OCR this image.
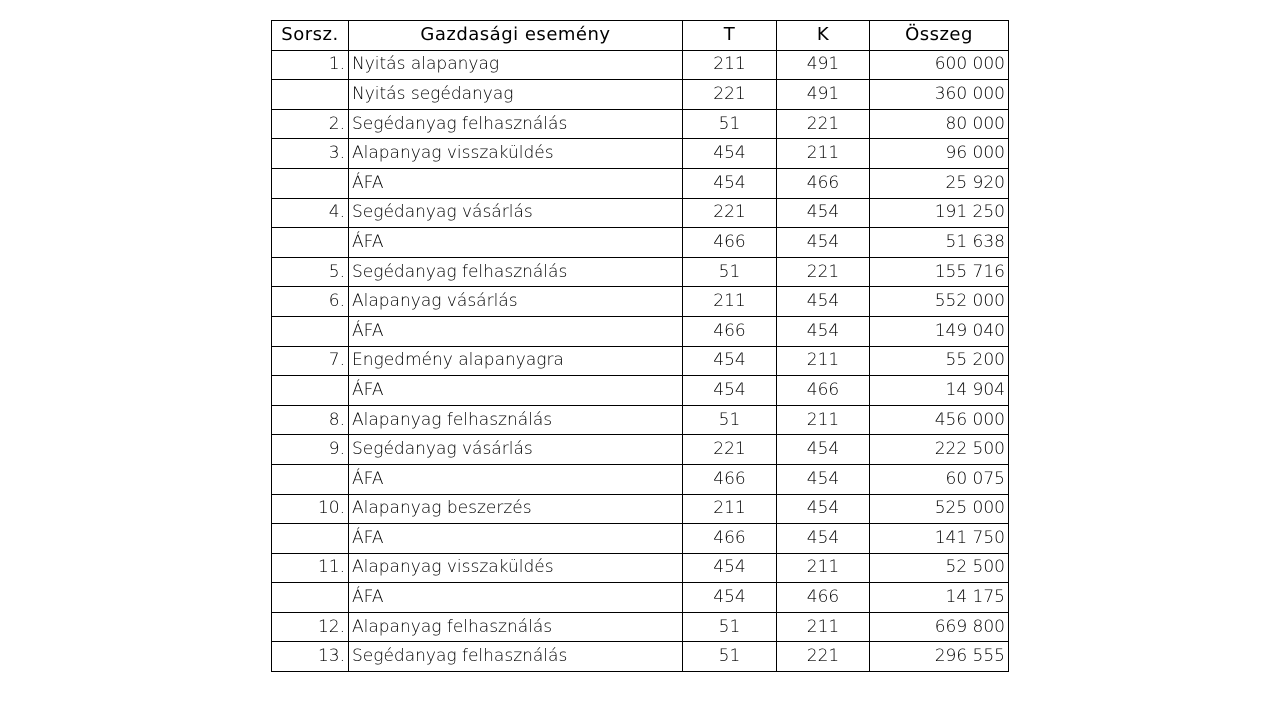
Sorsz.	Gazdasági esemény	T	K	Összeg
1.	Nyitás alapanyag	211	491	600 000
	Nyitás segédanyag	221	491	360 000
2.	Segédanyag felhasználás	51	221	80 000
3.	Alapanyag visszaküldés	454	211	96 000
	ÁFA	454	466	25 920
4.	Segédanyag vásárlás	221	454	191 250
	ÁFA	466	454	51 638
5.	Segédanyag felhasználás	51	221	155 716
6.	Alapanyag vásárlás	211	454	552 000
	ÁFA	466	454	149 040
7.	Engedmény alapanyagra	454	211	55 200
	ÁFA	454	466	14 904
8.	Alapanyag felhasználás	51	211	456 000
9.	Segédanyag vásárlás	221	454	222 500
	ÁFA	466	454	60 075
10.	Alapanyag beszerzés	211	454	525 000
	ÁFA	466	454	141 750
11.	Alapanyag visszaküldés	454	211	52 500
	ÁFA	454	466	14 175
12.	Alapanyag felhasználás	51	211	669 800
13.	Segédanyag felhasználás	51	221	296 555
